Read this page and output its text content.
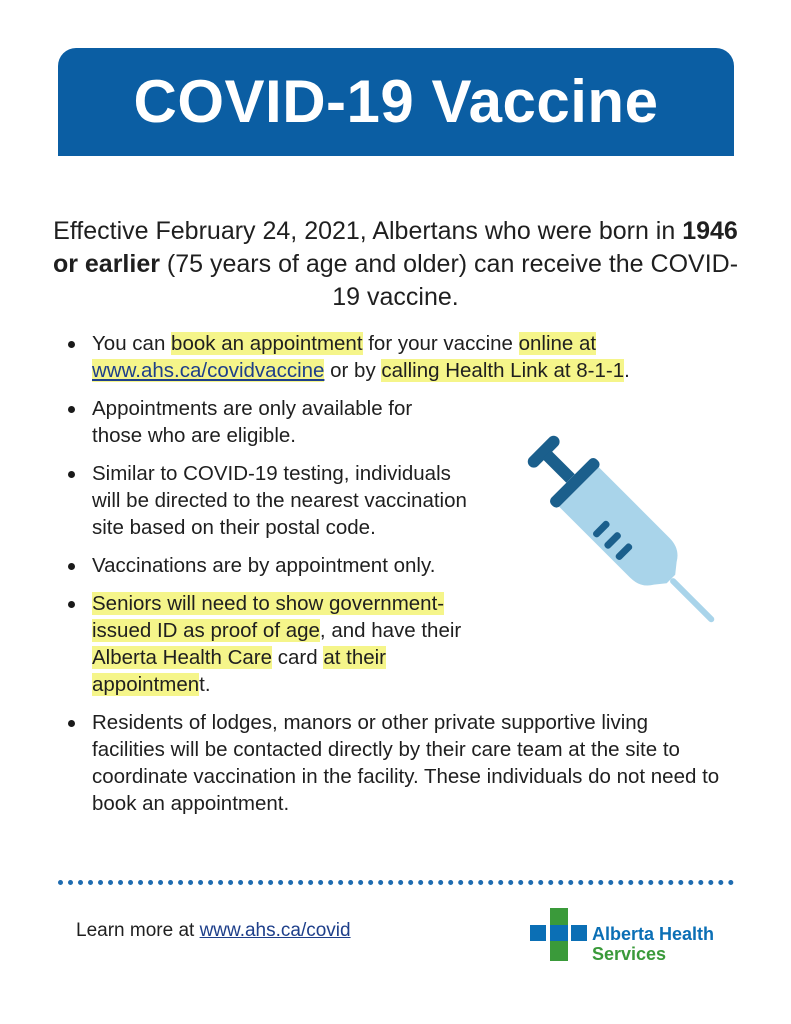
COVID-19 Vaccine

Effective February 24, 2021, Albertans who were born in 1946 or earlier (75 years of age and older) can receive the COVID-19 vaccine.

You can book an appointment for your vaccine online at
www.ahs.ca/covidvaccine or by calling Health Link at 8-1-1.
Appointments are only available for those who are eligible.
Similar to COVID-19 testing, individuals will be directed to the nearest vaccination site based on their postal code.
Vaccinations are by appointment only.
Seniors will need to show government-issued ID as proof of age, and have their Alberta Health Care card at their appointment.
Residents of lodges, manors or other private supportive living facilities will be contacted directly by their care team at the site to coordinate vaccination in the facility. These individuals do not need to book an appointment.
Learn more at www.ahs.ca/covid	Alberta Health
Services
